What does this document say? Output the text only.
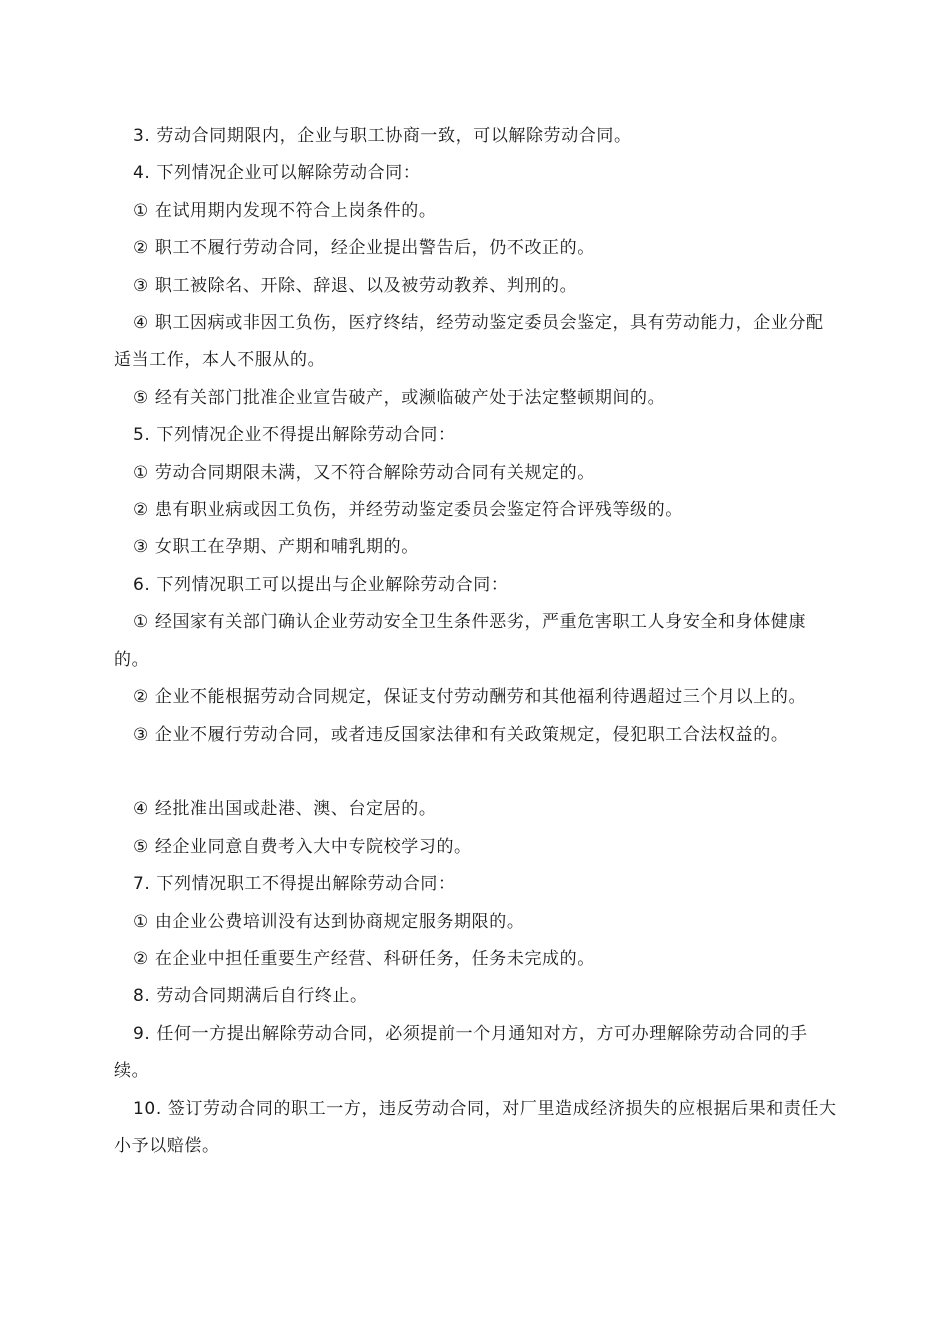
3. 劳动合同期限内，企业与职工协商一致，可以解除劳动合同。

4. 下列情况企业可以解除劳动合同：

① 在试用期内发现不符合上岗条件的。

② 职工不履行劳动合同，经企业提出警告后，仍不改正的。

③ 职工被除名、开除、辞退、以及被劳动教养、判刑的。

④ 职工因病或非因工负伤，医疗终结，经劳动鉴定委员会鉴定，具有劳动能力，企业分配适当工作，本人不服从的。

⑤ 经有关部门批准企业宣告破产，或濒临破产处于法定整顿期间的。

5. 下列情况企业不得提出解除劳动合同：

① 劳动合同期限未满，又不符合解除劳动合同有关规定的。

② 患有职业病或因工负伤，并经劳动鉴定委员会鉴定符合评残等级的。

③ 女职工在孕期、产期和哺乳期的。

6. 下列情况职工可以提出与企业解除劳动合同：

① 经国家有关部门确认企业劳动安全卫生条件恶劣，严重危害职工人身安全和身体健康的。

② 企业不能根据劳动合同规定，保证支付劳动酬劳和其他福利待遇超过三个月以上的。

③ 企业不履行劳动合同，或者违反国家法律和有关政策规定，侵犯职工合法权益的。

④ 经批准出国或赴港、澳、台定居的。

⑤ 经企业同意自费考入大中专院校学习的。

7. 下列情况职工不得提出解除劳动合同：

① 由企业公费培训没有达到协商规定服务期限的。

② 在企业中担任重要生产经营、科研任务，任务未完成的。

8. 劳动合同期满后自行终止。

9. 任何一方提出解除劳动合同，必须提前一个月通知对方，方可办理解除劳动合同的手续。

10. 签订劳动合同的职工一方，违反劳动合同，对厂里造成经济损失的应根据后果和责任大小予以赔偿。
